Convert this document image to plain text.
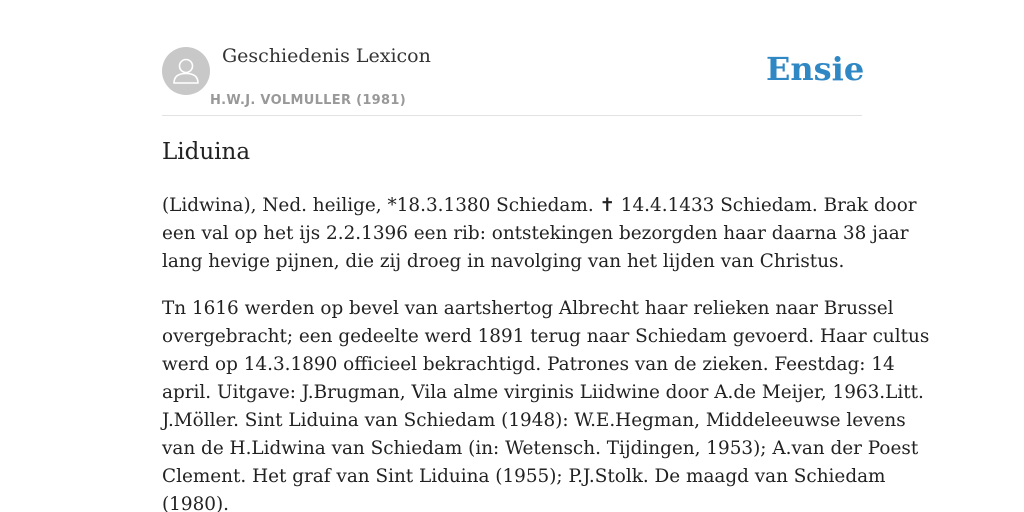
Geschiedenis Lexicon
H.W.J. VOLMULLER (1981)
Ensie
Liduina
(Lidwina), Ned. heilige, *18.3.1380 Schiedam. ✝ 14.4.1433 Schiedam. Brak door
een val op het ijs 2.2.1396 een rib: ontstekingen bezorgden haar daarna 38 jaar
lang hevige pijnen, die zij droeg in navolging van het lijden van Christus.
Tn 1616 werden op bevel van aartshertog Albrecht haar relieken naar Brussel
overgebracht; een gedeelte werd 1891 terug naar Schiedam gevoerd. Haar cultus
werd op 14.3.1890 officieel bekrachtigd. Patrones van de zieken. Feestdag: 14
april. Uitgave: J.Brugman, Vila alme virginis Liidwine door A.de Meijer, 1963.Litt.
J.Möller. Sint Liduina van Schiedam (1948): W.E.Hegman, Middeleeuwse levens
van de H.Lidwina van Schiedam (in: Wetensch. Tijdingen, 1953); A.van der Poest
Clement. Het graf van Sint Liduina (1955); P.J.Stolk. De maagd van Schiedam
(1980).
